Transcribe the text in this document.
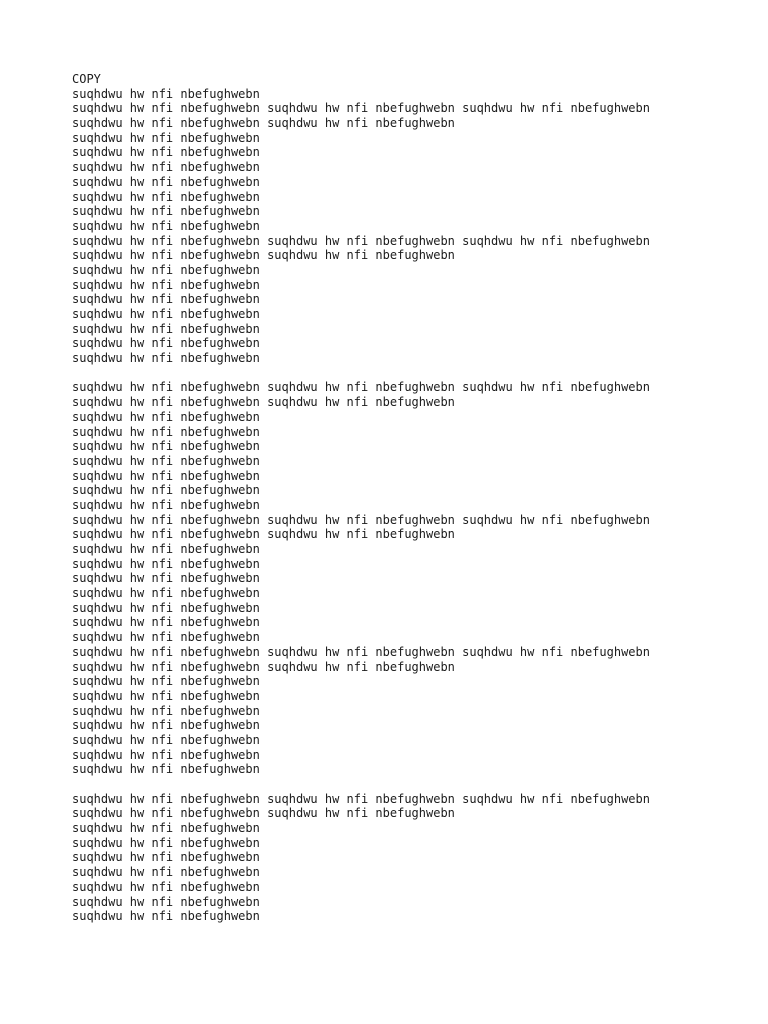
COPY
suqhdwu hw nfi nbefughwebn
suqhdwu hw nfi nbefughwebn suqhdwu hw nfi nbefughwebn suqhdwu hw nfi nbefughwebn
suqhdwu hw nfi nbefughwebn suqhdwu hw nfi nbefughwebn
suqhdwu hw nfi nbefughwebn
suqhdwu hw nfi nbefughwebn
suqhdwu hw nfi nbefughwebn
suqhdwu hw nfi nbefughwebn
suqhdwu hw nfi nbefughwebn
suqhdwu hw nfi nbefughwebn
suqhdwu hw nfi nbefughwebn
suqhdwu hw nfi nbefughwebn suqhdwu hw nfi nbefughwebn suqhdwu hw nfi nbefughwebn
suqhdwu hw nfi nbefughwebn suqhdwu hw nfi nbefughwebn
suqhdwu hw nfi nbefughwebn
suqhdwu hw nfi nbefughwebn
suqhdwu hw nfi nbefughwebn
suqhdwu hw nfi nbefughwebn
suqhdwu hw nfi nbefughwebn
suqhdwu hw nfi nbefughwebn
suqhdwu hw nfi nbefughwebn
suqhdwu hw nfi nbefughwebn suqhdwu hw nfi nbefughwebn suqhdwu hw nfi nbefughwebn
suqhdwu hw nfi nbefughwebn suqhdwu hw nfi nbefughwebn
suqhdwu hw nfi nbefughwebn
suqhdwu hw nfi nbefughwebn
suqhdwu hw nfi nbefughwebn
suqhdwu hw nfi nbefughwebn
suqhdwu hw nfi nbefughwebn
suqhdwu hw nfi nbefughwebn
suqhdwu hw nfi nbefughwebn
suqhdwu hw nfi nbefughwebn suqhdwu hw nfi nbefughwebn suqhdwu hw nfi nbefughwebn
suqhdwu hw nfi nbefughwebn suqhdwu hw nfi nbefughwebn
suqhdwu hw nfi nbefughwebn
suqhdwu hw nfi nbefughwebn
suqhdwu hw nfi nbefughwebn
suqhdwu hw nfi nbefughwebn
suqhdwu hw nfi nbefughwebn
suqhdwu hw nfi nbefughwebn
suqhdwu hw nfi nbefughwebn
suqhdwu hw nfi nbefughwebn suqhdwu hw nfi nbefughwebn suqhdwu hw nfi nbefughwebn
suqhdwu hw nfi nbefughwebn suqhdwu hw nfi nbefughwebn
suqhdwu hw nfi nbefughwebn
suqhdwu hw nfi nbefughwebn
suqhdwu hw nfi nbefughwebn
suqhdwu hw nfi nbefughwebn
suqhdwu hw nfi nbefughwebn
suqhdwu hw nfi nbefughwebn
suqhdwu hw nfi nbefughwebn
suqhdwu hw nfi nbefughwebn suqhdwu hw nfi nbefughwebn suqhdwu hw nfi nbefughwebn
suqhdwu hw nfi nbefughwebn suqhdwu hw nfi nbefughwebn
suqhdwu hw nfi nbefughwebn
suqhdwu hw nfi nbefughwebn
suqhdwu hw nfi nbefughwebn
suqhdwu hw nfi nbefughwebn
suqhdwu hw nfi nbefughwebn
suqhdwu hw nfi nbefughwebn
suqhdwu hw nfi nbefughwebn
